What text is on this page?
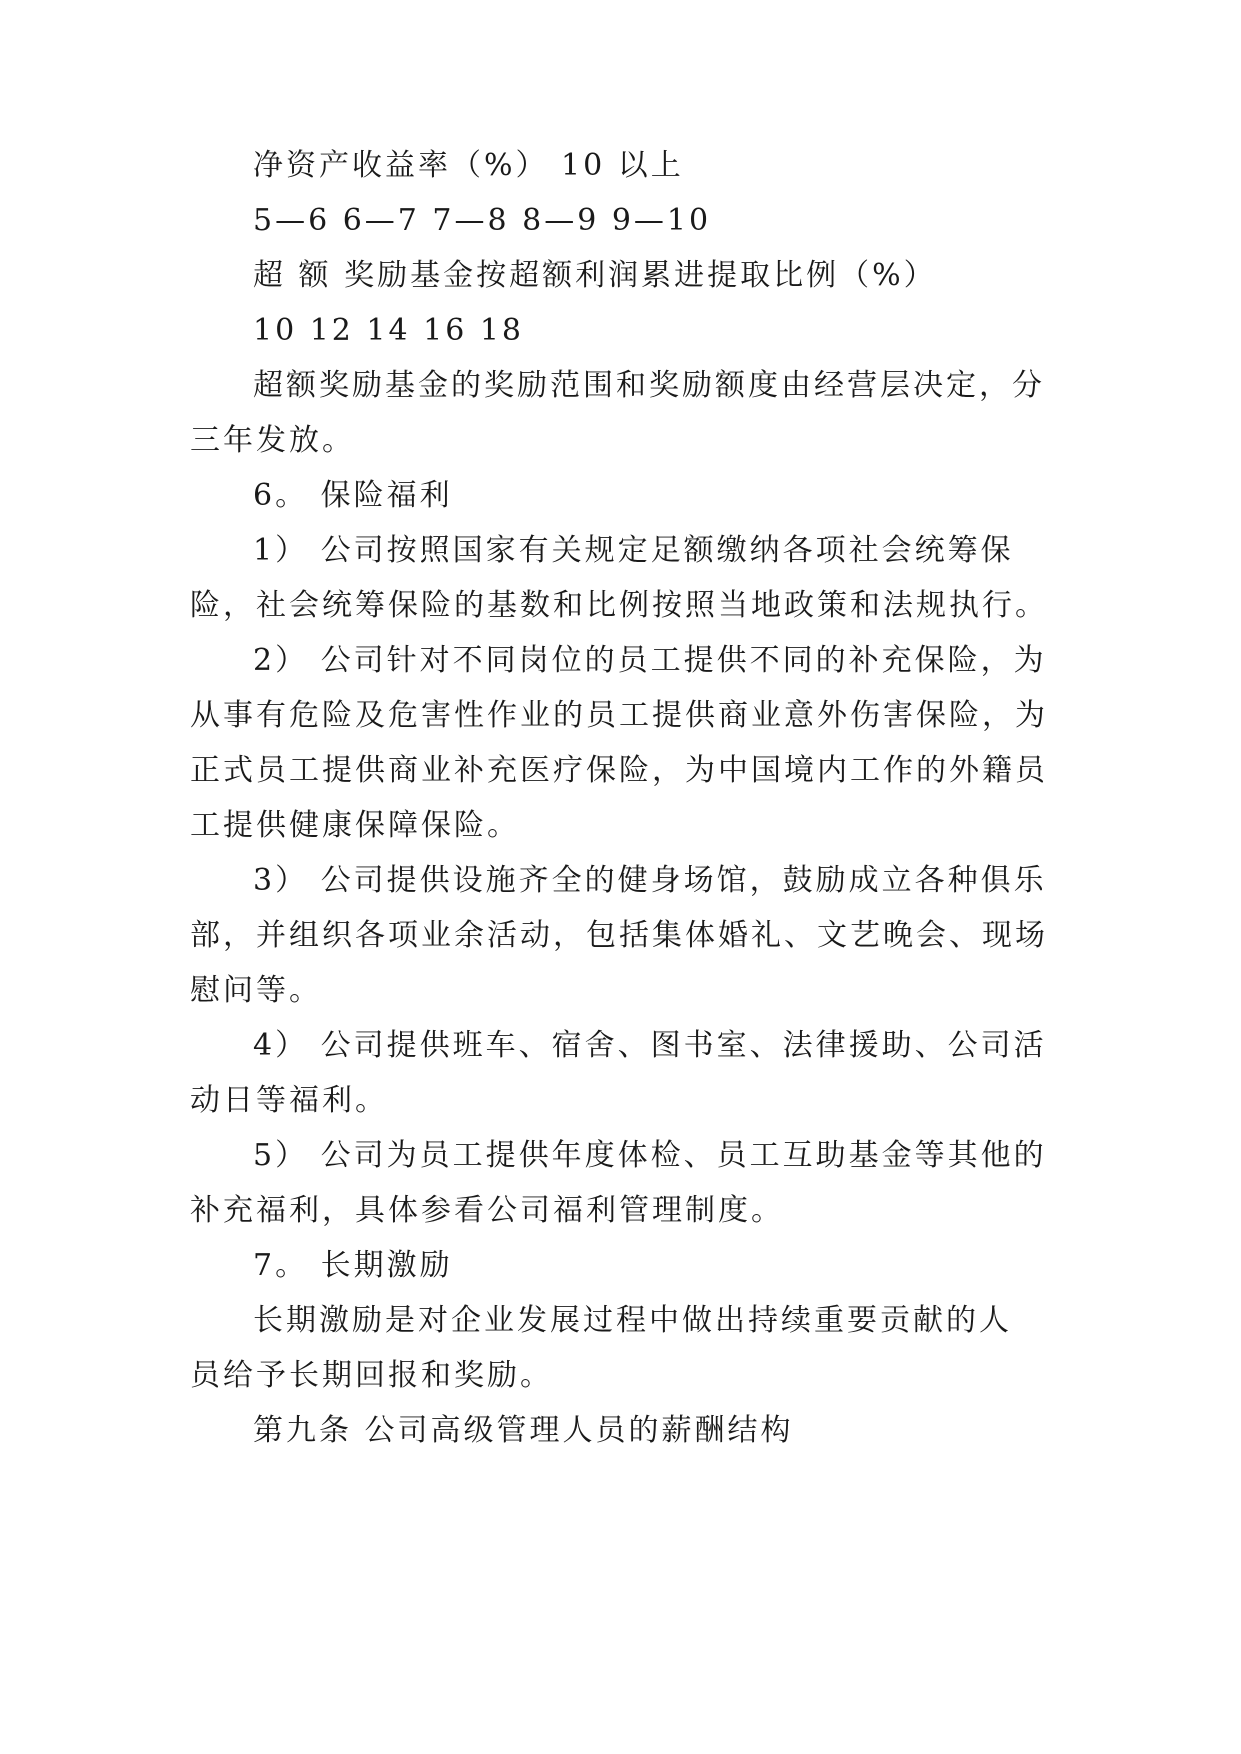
净资产收益率（%） 10 以上
5—6 6—7 7—8 8—9 9—10
超 额 奖励基金按超额利润累进提取比例（%）
10 12 14 16 18
超额奖励基金的奖励范围和奖励额度由经营层决定，分
三年发放。
6。 保险福利
1） 公司按照国家有关规定足额缴纳各项社会统筹保
险，社会统筹保险的基数和比例按照当地政策和法规执行。
2） 公司针对不同岗位的员工提供不同的补充保险，为
从事有危险及危害性作业的员工提供商业意外伤害保险，为
正式员工提供商业补充医疗保险，为中国境内工作的外籍员
工提供健康保障保险。
3） 公司提供设施齐全的健身场馆，鼓励成立各种俱乐
部，并组织各项业余活动，包括集体婚礼、文艺晚会、现场
慰问等。
4） 公司提供班车、宿舍、图书室、法律援助、公司活
动日等福利。
5） 公司为员工提供年度体检、员工互助基金等其他的
补充福利，具体参看公司福利管理制度。
7。 长期激励
长期激励是对企业发展过程中做出持续重要贡献的人
员给予长期回报和奖励。
第九条 公司高级管理人员的薪酬结构
